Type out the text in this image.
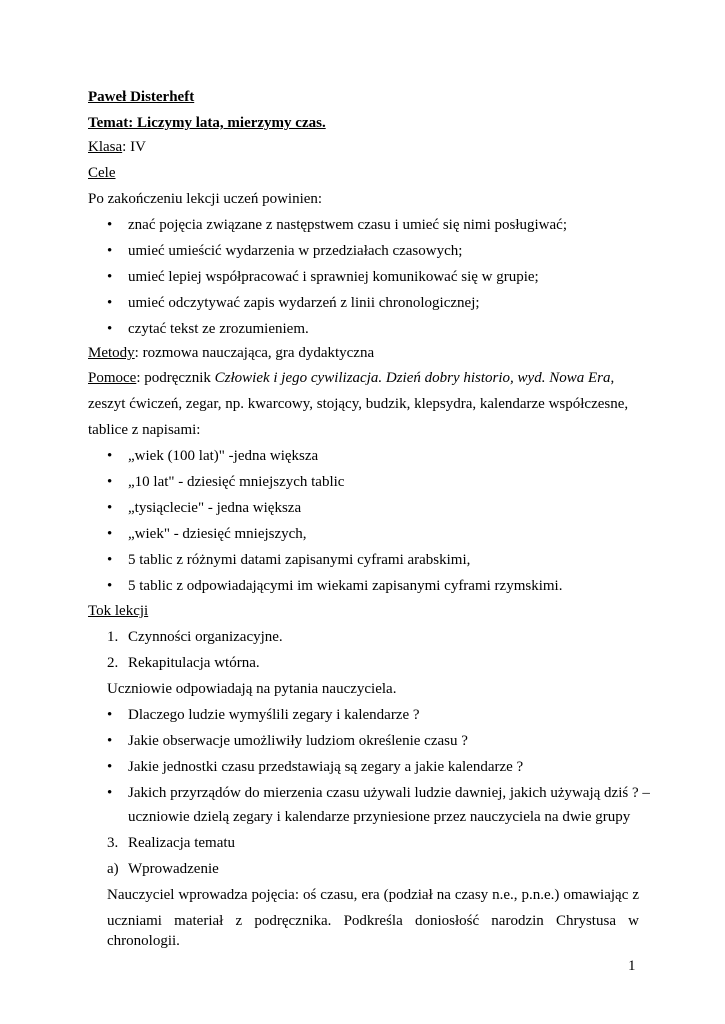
Paweł Disterheft
Temat: Liczymy lata, mierzymy czas.
Klasa: IV
Cele
Po zakończeniu lekcji uczeń powinien:
• znać pojęcia związane z następstwem czasu i umieć się nimi posługiwać;
• umieć umieścić wydarzenia w przedziałach czasowych;
• umieć lepiej współpracować i sprawniej komunikować się w grupie;
• umieć odczytywać zapis wydarzeń z linii chronologicznej;
• czytać tekst ze zrozumieniem.
Metody: rozmowa nauczająca, gra dydaktyczna
Pomoce: podręcznik Człowiek i jego cywilizacja. Dzień dobry historio, wyd. Nowa Era,
zeszyt ćwiczeń, zegar, np. kwarcowy, stojący, budzik, klepsydra, kalendarze współczesne,
tablice z napisami:
• „wiek (100 lat)" -jedna większa
• „10 lat" - dziesięć mniejszych tablic
• „tysiąclecie" - jedna większa
• „wiek" - dziesięć mniejszych,
• 5 tablic z różnymi datami zapisanymi cyframi arabskimi,
• 5 tablic z odpowiadającymi im wiekami zapisanymi cyframi rzymskimi.
Tok lekcji
1. Czynności organizacyjne.
2. Rekapitulacja wtórna.
Uczniowie odpowiadają na pytania nauczyciela.
• Dlaczego ludzie wymyślili zegary i kalendarze ?
• Jakie obserwacje umożliwiły ludziom określenie czasu ?
• Jakie jednostki czasu przedstawiają są zegary a jakie kalendarze ?
• Jakich przyrządów do mierzenia czasu używali ludzie dawniej, jakich używają dziś ? –
uczniowie dzielą zegary i kalendarze przyniesione przez nauczyciela na dwie grupy
3. Realizacja tematu
a) Wprowadzenie
Nauczyciel wprowadza pojęcia: oś czasu, era (podział na czasy n.e., p.n.e.) omawiając z
uczniami materiał z podręcznika. Podkreśla doniosłość narodzin Chrystusa w chronologii.
1
